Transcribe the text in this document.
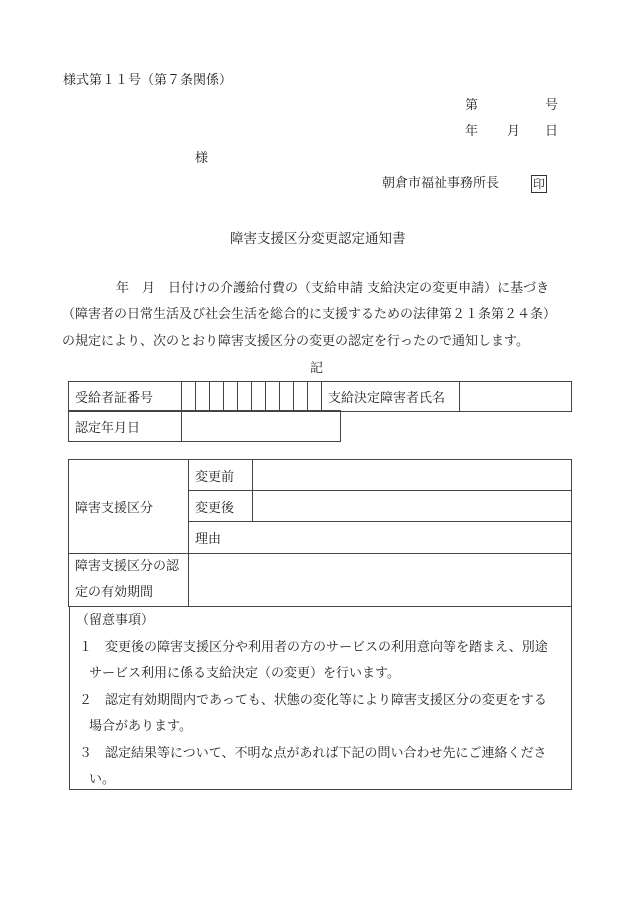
様式第１１号（第７条関係）
第	号
年 月 日
様
朝倉市福祉事務所長	印
障害支援区分変更認定通知書
年　月　日付けの介護給付費の（支給申請 支給決定の変更申請）に基づき
（障害者の日常生活及び社会生活を総合的に支援するための法律第２１条第２４条）
の規定により、次のとおり障害支援区分の変更の認定を行ったので通知します。
記
受給者証番号											支給決定障害者氏名	
認定年月日	
障害支援区分	変更前	
	変更後	
	理由	
障害支援区分の認
定の有効期間		
（留意事項）
１　変更後の障害支援区分や利用者の方のサービスの利用意向等を踏まえ、別途
サービス利用に係る支給決定（の変更）を行います。
２　認定有効期間内であっても、状態の変化等により障害支援区分の変更をする
場合があります。
３　認定結果等について、不明な点があれば下記の問い合わせ先にご連絡くださ
い。
